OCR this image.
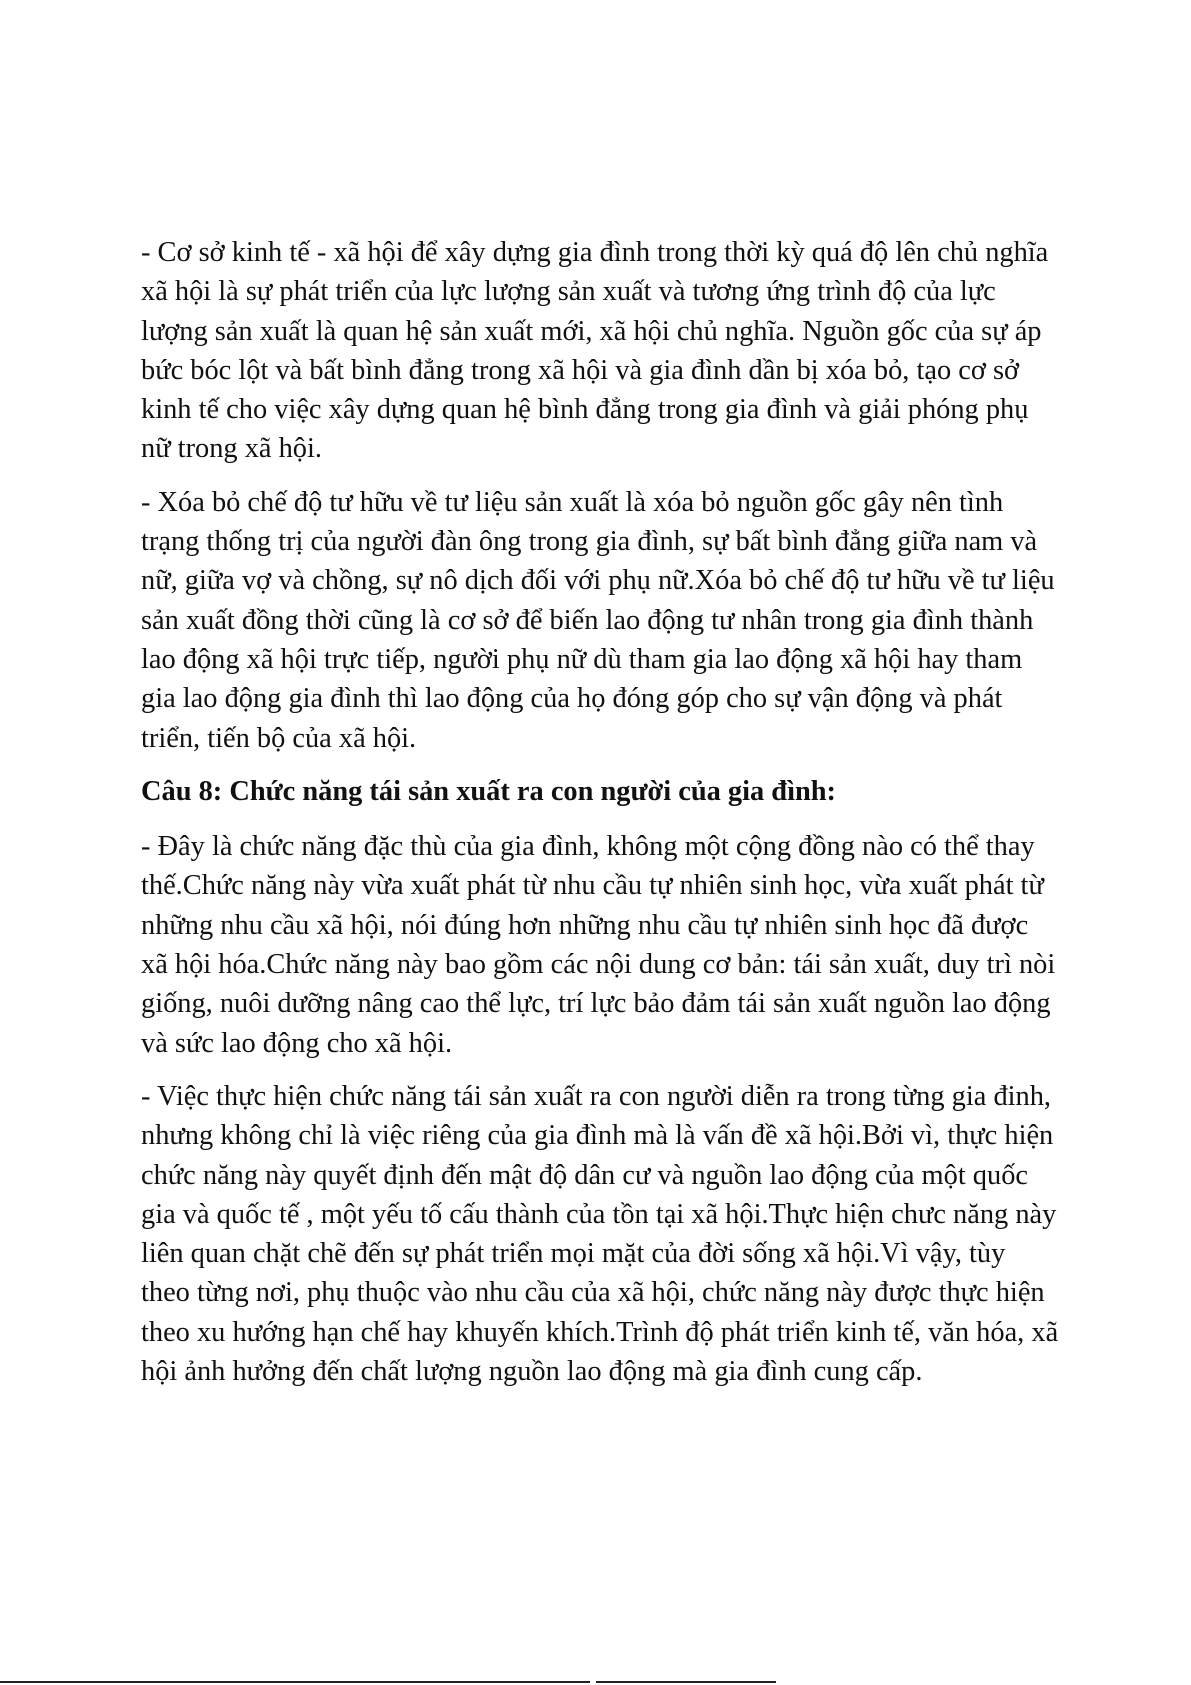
- Cơ sở kinh tế - xã hội để xây dựng gia đình trong thời kỳ quá độ lên chủ nghĩa xã hội là sự phát triển của lực lượng sản xuất và tương ứng trình độ của lực lượng sản xuất là quan hệ sản xuất mới, xã hội chủ nghĩa. Nguồn gốc của sự áp bức bóc lột và bất bình đẳng trong xã hội và gia đình dần bị xóa bỏ, tạo cơ sở kinh tế cho việc xây dựng quan hệ bình đẳng trong gia đình và giải phóng phụ nữ trong xã hội.

- Xóa bỏ chế độ tư hữu về tư liệu sản xuất là xóa bỏ nguồn gốc gây nên tình trạng thống trị của người đàn ông trong gia đình, sự bất bình đẳng giữa nam và nữ, giữa vợ và chồng, sự nô dịch đối với phụ nữ.Xóa bỏ chế độ tư hữu về tư liệu sản xuất đồng thời cũng là cơ sở để biến lao động tư nhân trong gia đình thành lao động xã hội trực tiếp, người phụ nữ dù tham gia lao động xã hội hay tham gia lao động gia đình thì lao động của họ đóng góp cho sự vận động và phát triển, tiến bộ của xã hội.

Câu 8: Chức năng tái sản xuất ra con người của gia đình:

- Đây là chức năng đặc thù của gia đình, không một cộng đồng nào có thể thay thế.Chức năng này vừa xuất phát từ nhu cầu tự nhiên sinh học, vừa xuất phát từ những nhu cầu xã hội, nói đúng hơn những nhu cầu tự nhiên sinh học đã được xã hội hóa.Chức năng này bao gồm các nội dung cơ bản: tái sản xuất, duy trì nòi giống, nuôi dưỡng nâng cao thể lực, trí lực bảo đảm tái sản xuất nguồn lao động và sức lao động cho xã hội.

- Việc thực hiện chức năng tái sản xuất ra con người diễn ra trong từng gia đinh, nhưng không chỉ là việc riêng của gia đình mà là vấn đề xã hội.Bởi vì, thực hiện chức năng này quyết định đến mật độ dân cư và nguồn lao động của một quốc gia và quốc tế , một yếu tố cấu thành của tồn tại xã hội.Thực hiện chưc năng này liên quan chặt chẽ đến sự phát triển mọi mặt của đời sống xã hội.Vì vậy, tùy theo từng nơi, phụ thuộc vào nhu cầu của xã hội, chức năng này được thực hiện theo xu hướng hạn chế hay khuyến khích.Trình độ phát triển kinh tế, văn hóa, xã hội ảnh hưởng đến chất lượng nguồn lao động mà gia đình cung cấp.
